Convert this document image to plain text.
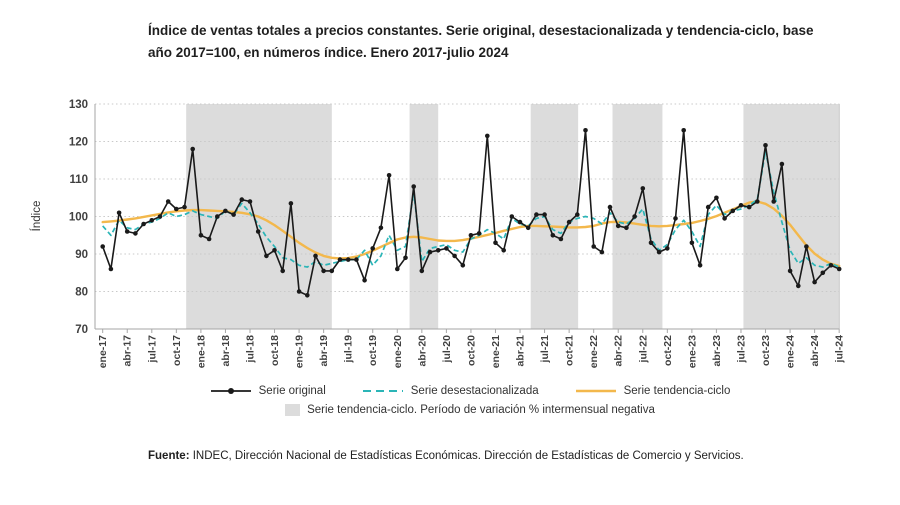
Índice de ventas totales a precios constantes. Serie original, desestacionalizada y tendencia-ciclo, base
año 2017=100, en números índice. Enero 2017-julio 2024
ene-17 abr-17 jul-17 oct-17 ene-18 abr-18 jul-18 oct-18 ene-19 abr-19 jul-19 oct-19 ene-20 abr-20 jul-20 oct-20 ene-21 abr-21 jul-21 oct-21 ene-22 abr-22 jul-22 oct-22 ene-23 abr-23 jul-23 oct-23 ene-24 abr-24 jul-24
70
80
90
100
110
120
130
Índice
Serie original	Serie desestacionalizada	Serie tendencia-ciclo
Serie tendencia-ciclo. Período de variación % intermensual negativa
Fuente: INDEC, Dirección Nacional de Estadísticas Económicas. Dirección de Estadísticas de Comercio y Servicios.
